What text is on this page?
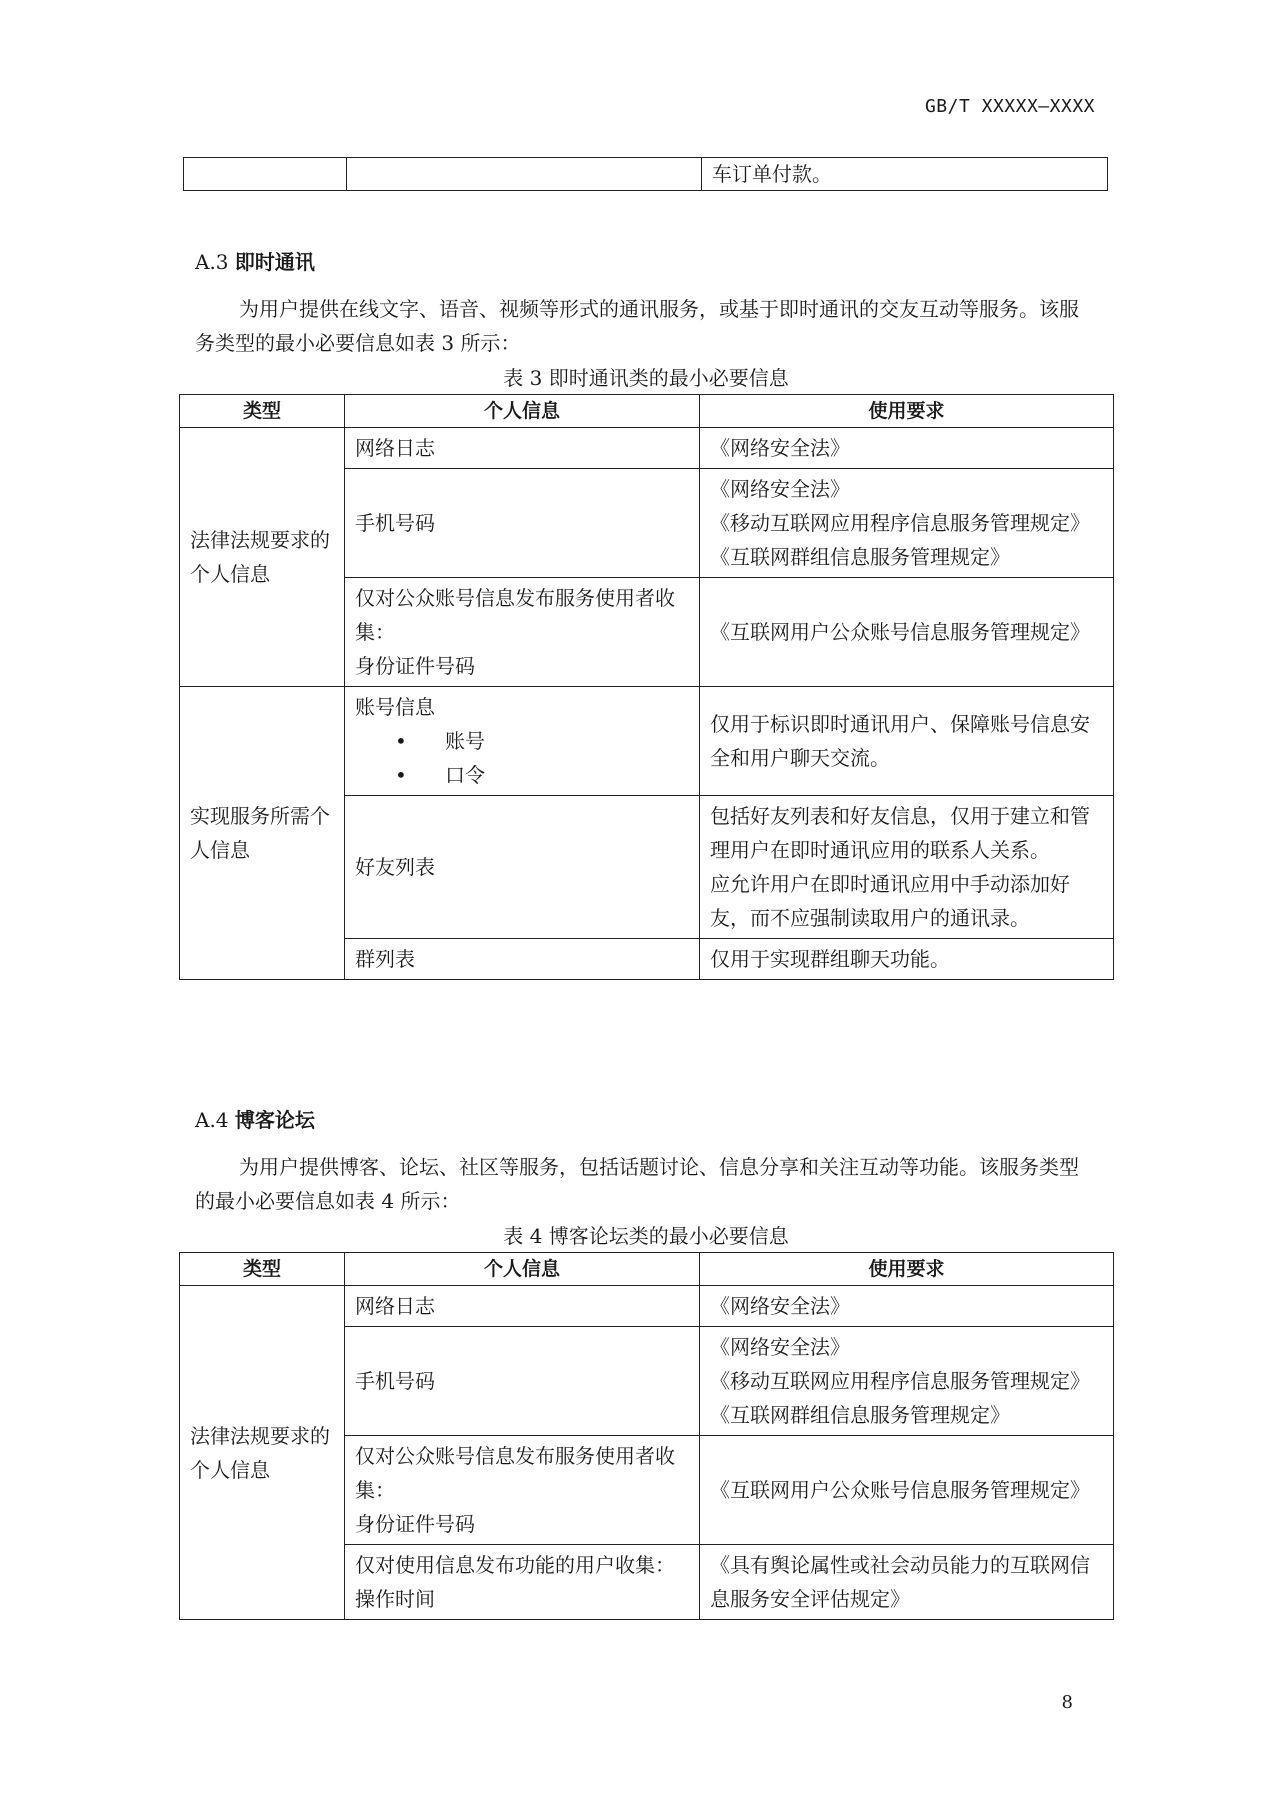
GB/T XXXXX—XXXX
		车订单付款。
A.3 即时通讯
为用户提供在线文字、语音、视频等形式的通讯服务，或基于即时通讯的交友互动等服务。该服务类型的最小必要信息如表 3 所示：
表 3 即时通讯类的最小必要信息
类型	个人信息	使用要求
法律法规要求的个人信息	网络日志	《网络安全法》
	手机号码	《网络安全法》
《移动互联网应用程序信息服务管理规定》
《互联网群组信息服务管理规定》

	仅对公众账号信息发布服务使用者收集：
身份证件号码	《互联网用户公众账号信息服务管理规定》
实现服务所需个人信息	账号信息
• 账号
• 口令	仅用于标识即时通讯用户、保障账号信息安全和用户聊天交流。
	好友列表	包括好友列表和好友信息，仅用于建立和管理用户在即时通讯应用的联系人关系。
应允许用户在即时通讯应用中手动添加好友，而不应强制读取用户的通讯录。

	群列表	仅用于实现群组聊天功能。
A.4 博客论坛
为用户提供博客、论坛、社区等服务，包括话题讨论、信息分享和关注互动等功能。该服务类型的最小必要信息如表 4 所示：
表 4 博客论坛类的最小必要信息
类型	个人信息	使用要求
法律法规要求的个人信息	网络日志	《网络安全法》
	手机号码	《网络安全法》
《移动互联网应用程序信息服务管理规定》
《互联网群组信息服务管理规定》

	仅对公众账号信息发布服务使用者收集：
身份证件号码	《互联网用户公众账号信息服务管理规定》

	仅对使用信息发布功能的用户收集：
操作时间	《具有舆论属性或社会动员能力的互联网信息服务安全评估规定》
8
